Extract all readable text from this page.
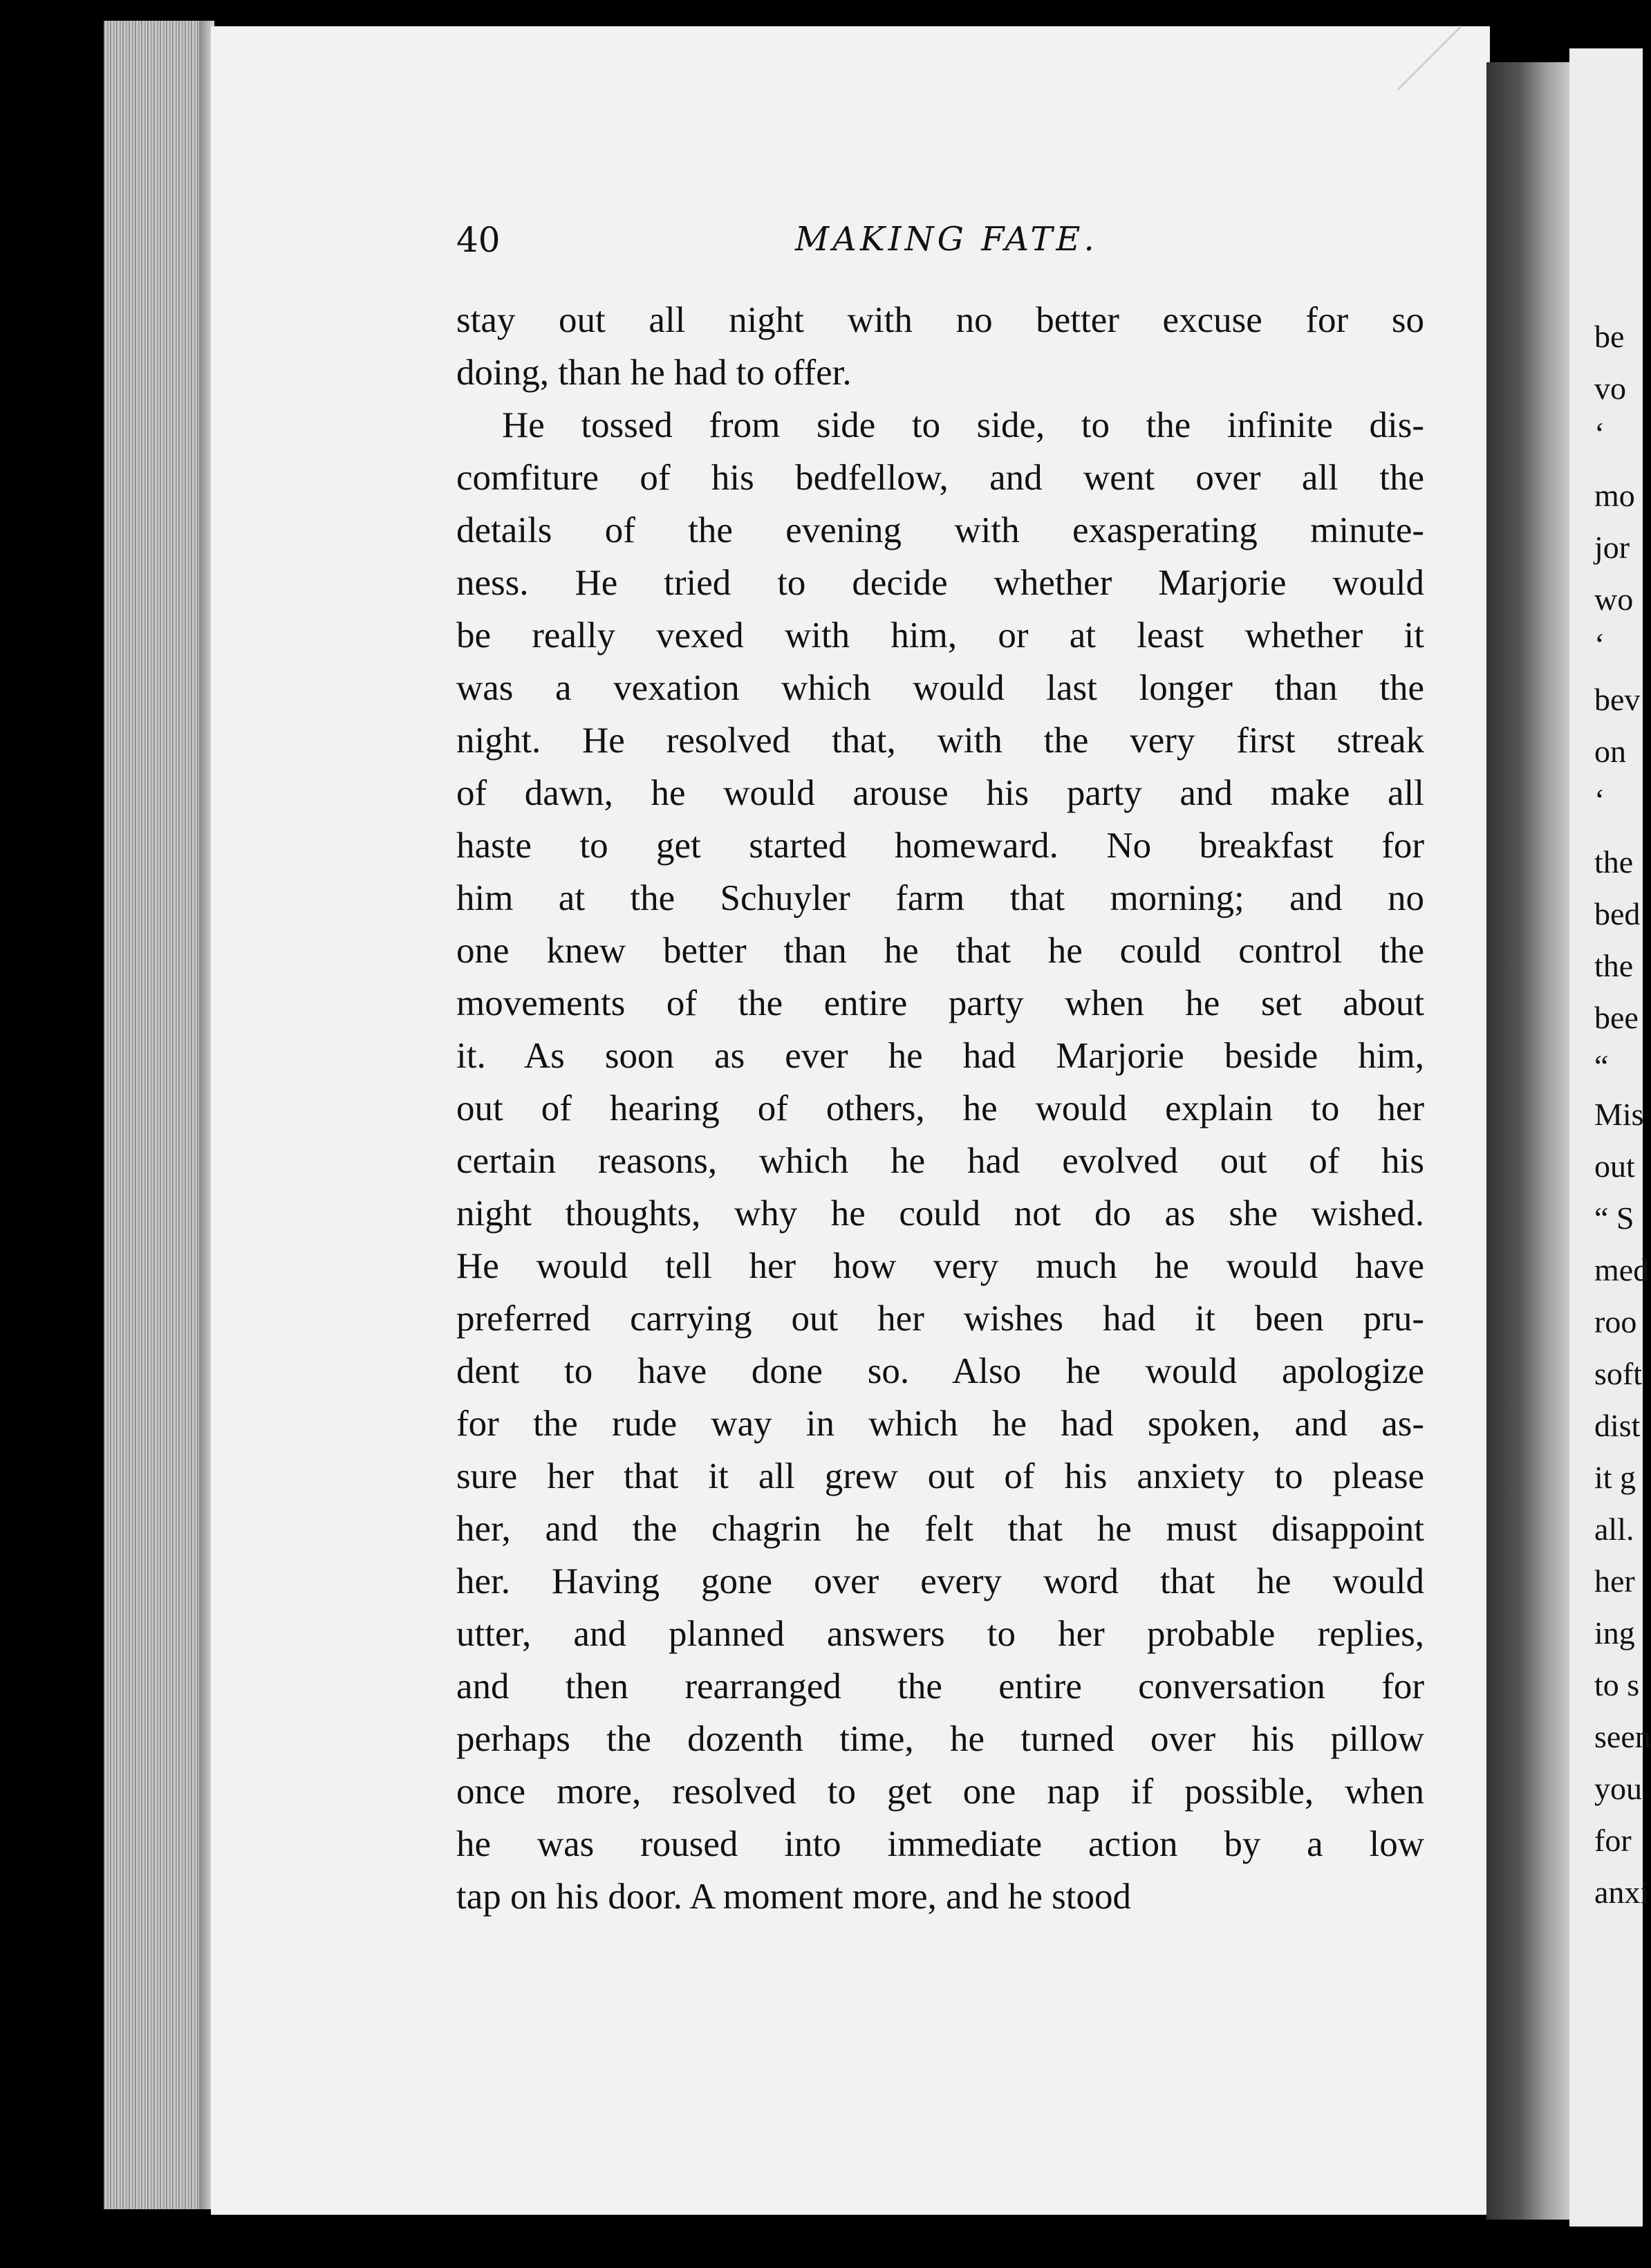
be
vo
‘
mo
jor
wo
‘
bev
on
‘
the
bed
the
bee
“
Mis
out
“ S
med
roo
soft
dist
it g
all.
her
ing
to s
seen
you
for
anxi
40	MAKING FATE.
stay out all night with no better excuse for so
doing, than he had to offer.
He tossed from side to side, to the infinite dis-
comfiture of his bedfellow, and went over all the
details of the evening with exasperating minute-
ness. He tried to decide whether Marjorie would
be really vexed with him, or at least whether it
was a vexation which would last longer than the
night. He resolved that, with the very first streak
of dawn, he would arouse his party and make all
haste to get started homeward. No breakfast for
him at the Schuyler farm that morning; and no
one knew better than he that he could control the
movements of the entire party when he set about
it. As soon as ever he had Marjorie beside him,
out of hearing of others, he would explain to her
certain reasons, which he had evolved out of his
night thoughts, why he could not do as she wished.
He would tell her how very much he would have
preferred carrying out her wishes had it been pru-
dent to have done so. Also he would apologize
for the rude way in which he had spoken, and as-
sure her that it all grew out of his anxiety to please
her, and the chagrin he felt that he must disappoint
her. Having gone over every word that he would
utter, and planned answers to her probable replies,
and then rearranged the entire conversation for
perhaps the dozenth time, he turned over his pillow
once more, resolved to get one nap if possible, when
he was roused into immediate action by a low
tap on his door. A moment more, and he stood
